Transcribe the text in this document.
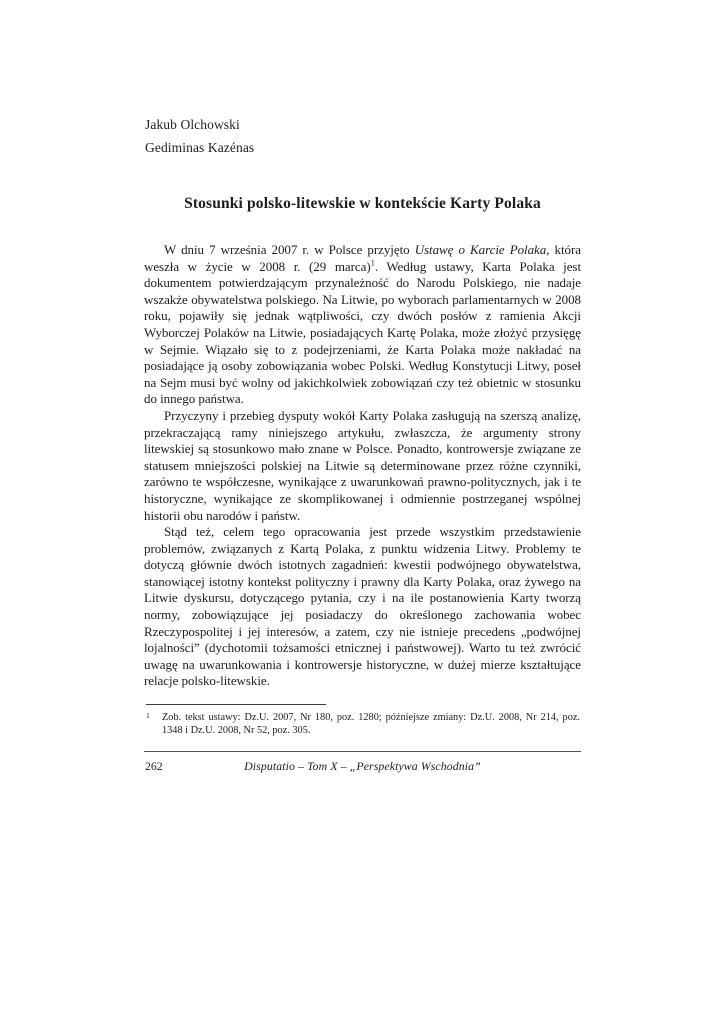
Jakub Olchowski
Gediminas Kazénas
Stosunki polsko-litewskie w kontekście Karty Polaka

W dniu 7 września 2007 r. w Polsce przyjęto Ustawę o Karcie Polaka, która weszła w życie w 2008 r. (29 marca)$^1$. Według ustawy, Karta Polaka jest dokumentem potwierdzającym przynależność do Narodu Polskiego, nie nadaje wszakże obywatelstwa polskiego. Na Litwie, po wyborach parlamentarnych w 2008 roku, pojawiły się jednak wątpliwości, czy dwóch posłów z ramienia Akcji Wyborczej Polaków na Litwie, posiadających Kartę Polaka, może złożyć przysięgę w Sejmie. Wiązało się to z podejrzeniami, że Karta Polaka może nakładać na posiadające ją osoby zobowiązania wobec Polski. Według Konstytucji Litwy, poseł na Sejm musi być wolny od jakichkolwiek zobowiązań czy też obietnic w stosunku do innego państwa.

Przyczyny i przebieg dysputy wokół Karty Polaka zasługują na szerszą analizę, przekraczającą ramy niniejszego artykułu, zwłaszcza, że argumenty strony litewskiej są stosunkowo mało znane w Polsce. Ponadto, kontrowersje związane ze statusem mniejszości polskiej na Litwie są determinowane przez różne czynniki, zarówno te współczesne, wynikające z uwarunkowań prawno-politycznych, jak i te historyczne, wynikające ze skomplikowanej i odmiennie postrzeganej wspólnej historii obu narodów i państw.

Stąd też, celem tego opracowania jest przede wszystkim przedstawienie problemów, związanych z Kartą Polaka, z punktu widzenia Litwy. Problemy te dotyczą głównie dwóch istotnych zagadnień: kwestii podwójnego obywatelstwa, stanowiącej istotny kontekst polityczny i prawny dla Karty Polaka, oraz żywego na Litwie dyskursu, dotyczącego pytania, czy i na ile postanowienia Karty tworzą normy, zobowiązujące jej posiadaczy do określonego zachowania wobec Rzeczypospolitej i jej interesów, a zatem, czy nie istnieje precedens „podwójnej lojalności” (dychotomii tożsamości etnicznej i państwowej). Warto tu też zwrócić uwagę na uwarunkowania i kontrowersje historyczne, w dużej mierze kształtujące relacje polsko-litewskie.

1 Zob. tekst ustawy: Dz.U. 2007, Nr 180, poz. 1280; późniejsze zmiany: Dz.U. 2008, Nr 214, poz. 1348 i Dz.U. 2008, Nr 52, poz. 305.
262	Disputatio – Tom X – „Perspektywa Wschodnia”
